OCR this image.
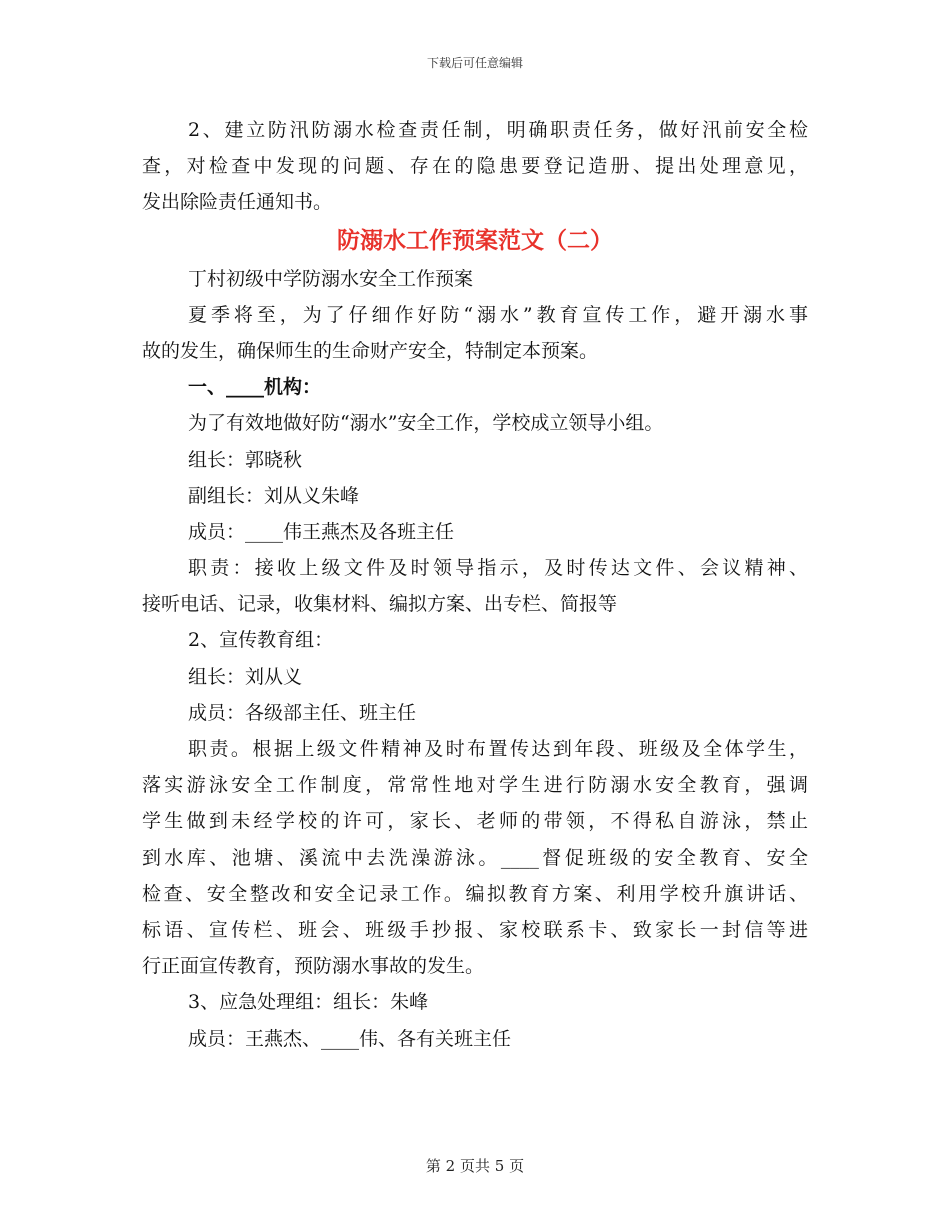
下载后可任意编辑
2、建立防汛防溺水检查责任制，明确职责任务，做好汛前安全检
查，对检查中发现的问题、存在的隐患要登记造册、提出处理意见，
发出除险责任通知书。
防溺水工作预案范文（二）
丁村初级中学防溺水安全工作预案
夏季将至，为了仔细作好防“溺水”教育宣传工作，避开溺水事
故的发生，确保师生的生命财产安全，特制定本预案。
一、____机构：
为了有效地做好防“溺水”安全工作，学校成立领导小组。
组长：郭晓秋
副组长：刘从义朱峰
成员：____伟王燕杰及各班主任
职责：接收上级文件及时领导指示，及时传达文件、会议精神、
接听电话、记录，收集材料、编拟方案、出专栏、简报等
2、宣传教育组：
组长：刘从义
成员：各级部主任、班主任
职责。根据上级文件精神及时布置传达到年段、班级及全体学生，
落实游泳安全工作制度，常常性地对学生进行防溺水安全教育，强调
学生做到未经学校的许可，家长、老师的带领，不得私自游泳，禁止
到水库、池塘、溪流中去洗澡游泳。____督促班级的安全教育、安全
检查、安全整改和安全记录工作。编拟教育方案、利用学校升旗讲话、
标语、宣传栏、班会、班级手抄报、家校联系卡、致家长一封信等进
行正面宣传教育，预防溺水事故的发生。
3、应急处理组：组长：朱峰
成员：王燕杰、____伟、各有关班主任
第 2 页共 5 页
